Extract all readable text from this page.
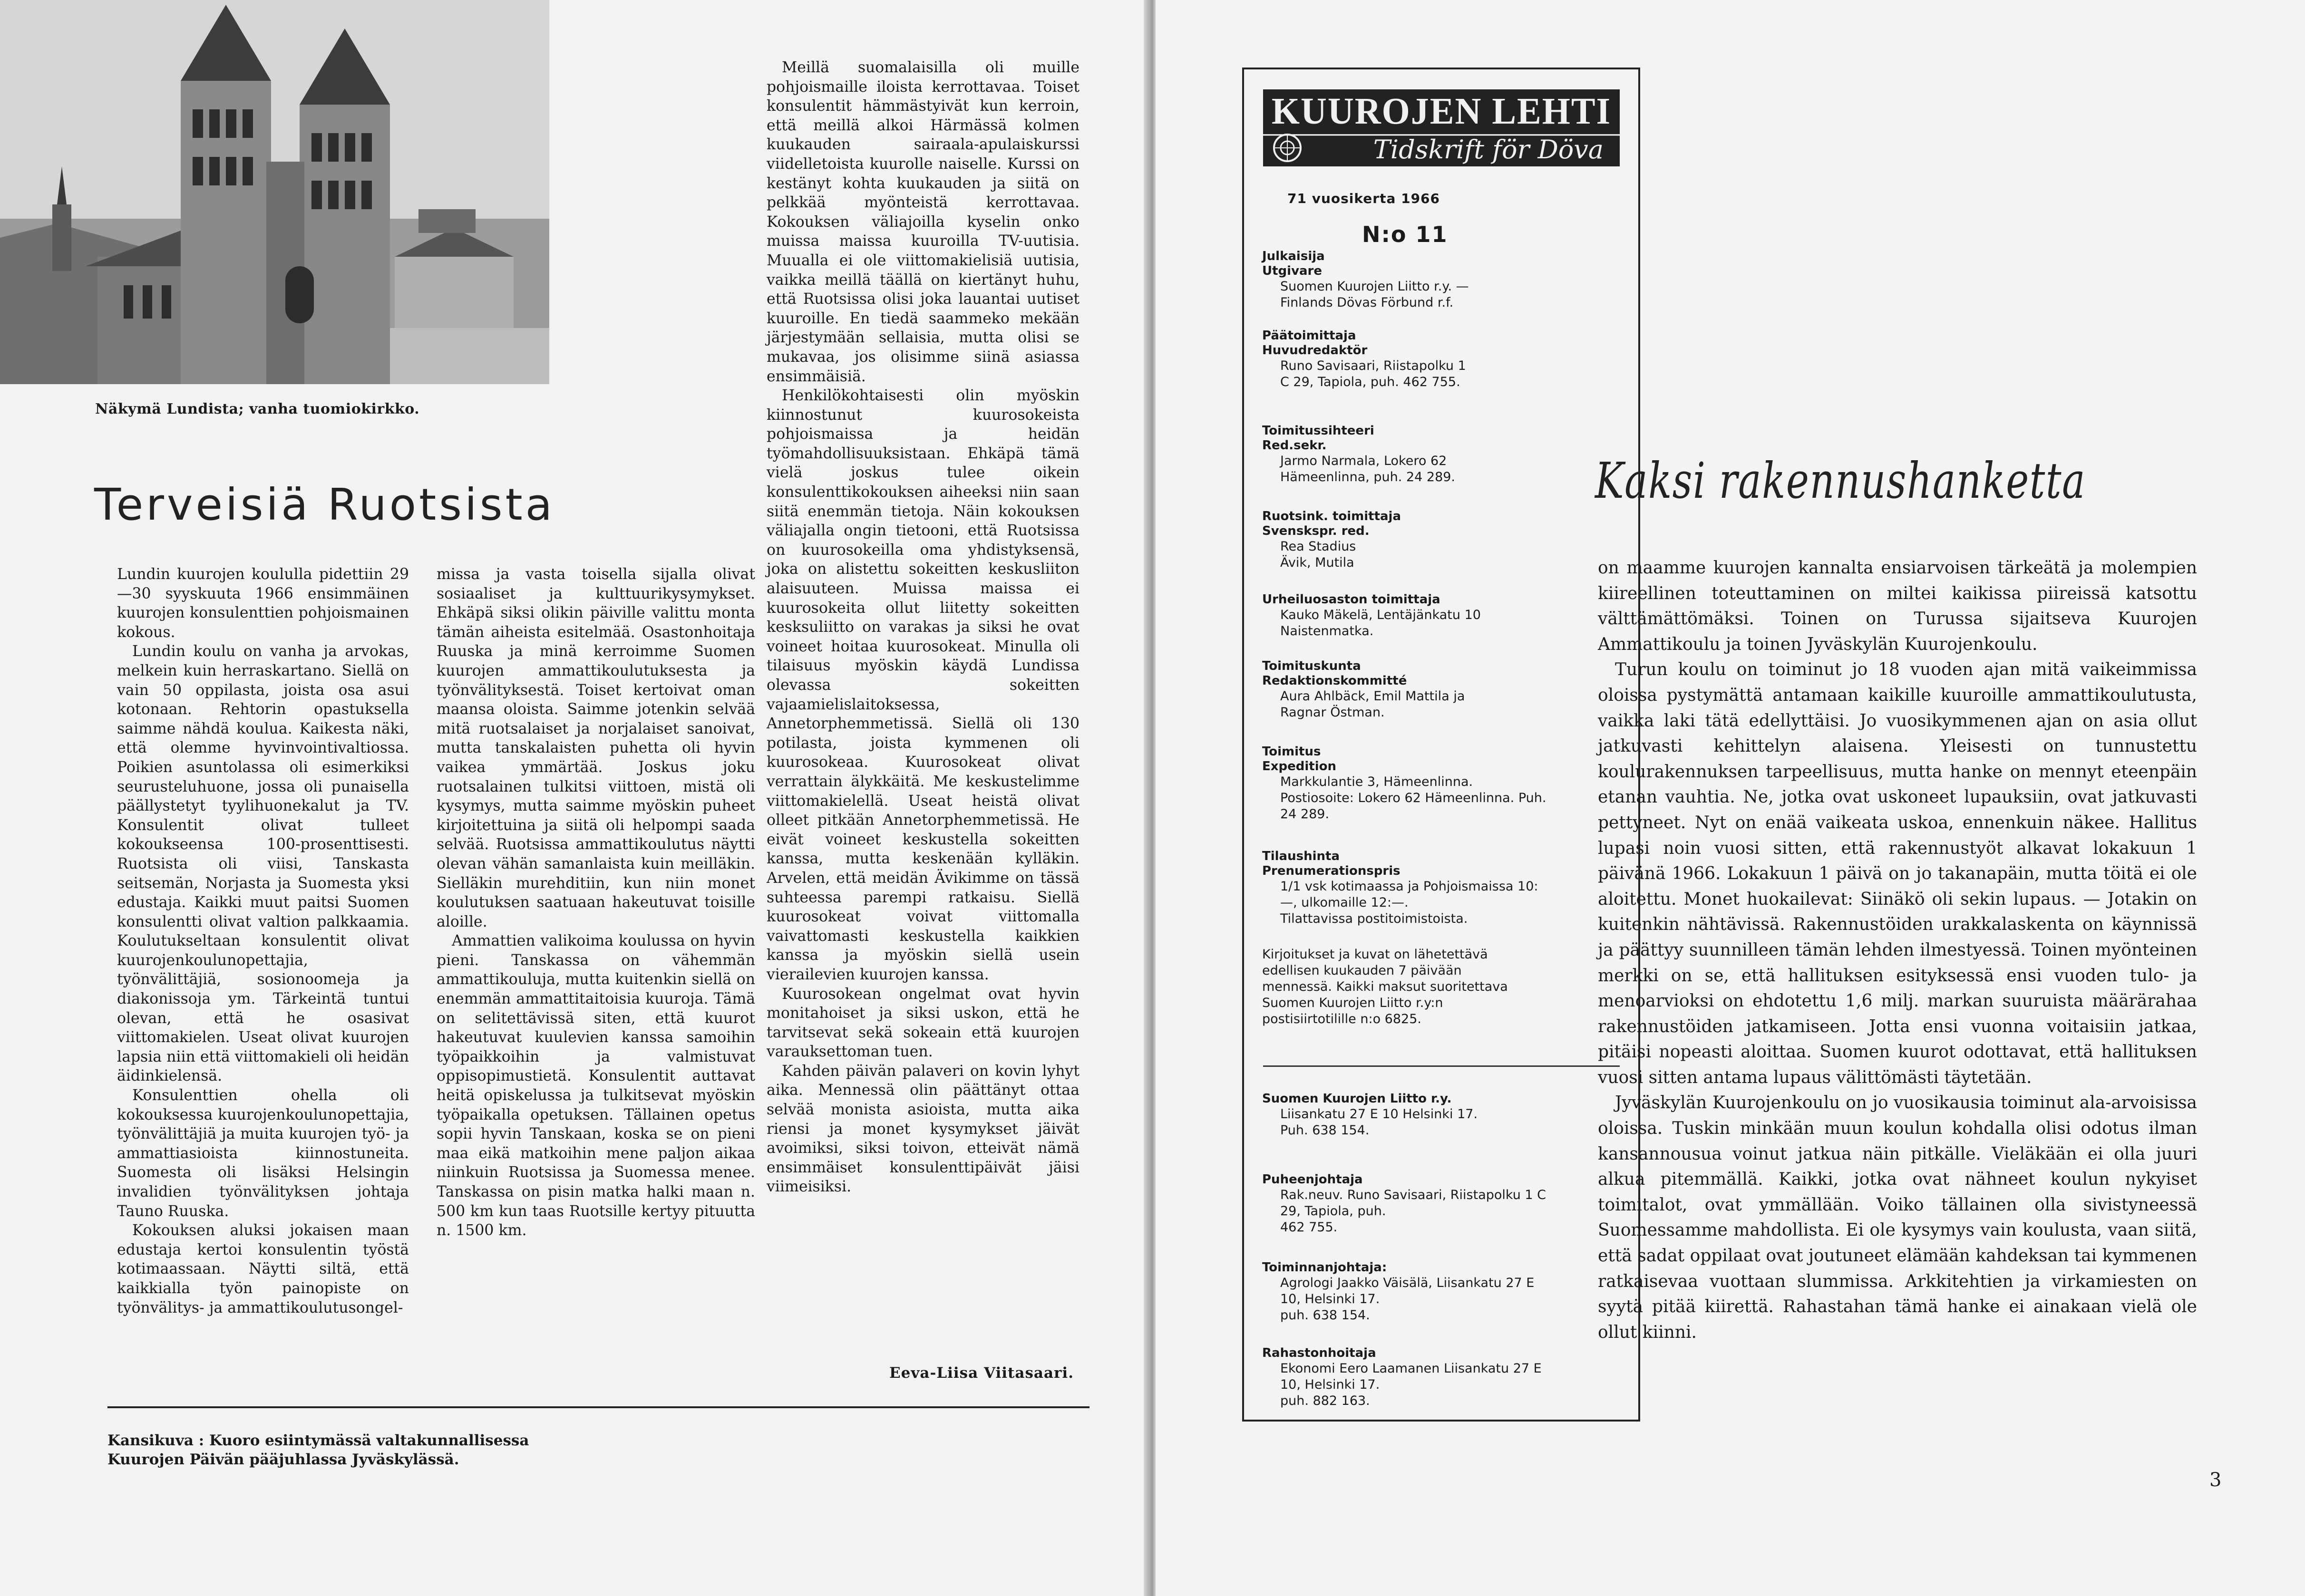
Näkymä Lundista; vanha tuomiokirkko.
Terveisiä Ruotsista

Lundin kuurojen koululla pidettiin 29—30 syyskuuta 1966 ensimmäinen kuurojen konsulenttien pohjoismainen kokous.

Lundin koulu on vanha ja arvokas, melkein kuin herraskartano. Siellä on vain 50 oppilasta, joista osa asui kotonaan. Rehtorin opastuksella saimme nähdä koulua. Kaikesta näki, että olemme hyvinvointivaltiossa. Poikien asuntolassa oli esimerkiksi seurusteluhuone, jossa oli punaisella päällystetyt tyylihuonekalut ja TV. Konsulentit olivat tulleet kokoukseensa 100-prosenttisesti. Ruotsista oli viisi, Tanskasta seitsemän, Norjasta ja Suomesta yksi edustaja. Kaikki muut paitsi Suomen konsulentti olivat valtion palkkaamia. Koulutukseltaan konsulentit olivat kuurojenkoulunopettajia, työnvälittäjiä, sosionoomeja ja diakonissoja ym. Tärkeintä tuntui olevan, että he osasivat viittomakielen. Useat olivat kuurojen lapsia niin että viittomakieli oli heidän äidinkielensä.

Konsulenttien ohella oli kokouksessa kuurojenkoulunopettajia, työnvälittäjiä ja muita kuurojen työ- ja ammattiasioista kiinnostuneita. Suomesta oli lisäksi Helsingin invalidien työnvälityksen johtaja Tauno Ruuska.

Kokouksen aluksi jokaisen maan edustaja kertoi konsulentin työstä kotimaassaan. Näytti siltä, että kaikkialla työn painopiste on työnvälitys- ja ammattikoulutusongel-

missa ja vasta toisella sijalla olivat sosiaaliset ja kulttuurikysymykset. Ehkäpä siksi olikin päiville valittu monta tämän aiheista esitelmää. Osastonhoitaja Ruuska ja minä kerroimme Suomen kuurojen ammattikoulutuksesta ja työnvälityksestä. Toiset kertoivat oman maansa oloista. Saimme jotenkin selvää mitä ruotsalaiset ja norjalaiset sanoivat, mutta tanskalaisten puhetta oli hyvin vaikea ymmärtää. Joskus joku ruotsalainen tulkitsi viittoen, mistä oli kysymys, mutta saimme myöskin puheet kirjoitettuina ja siitä oli helpompi saada selvää. Ruotsissa ammattikoulutus näytti olevan vähän samanlaista kuin meilläkin. Sielläkin murehditiin, kun niin monet koulutuksen saatuaan hakeutuvat toisille aloille.

Ammattien valikoima koulussa on hyvin pieni. Tanskassa on vähemmän ammattikouluja, mutta kuitenkin siellä on enemmän ammattitaitoisia kuuroja. Tämä on selitettävissä siten, että kuurot hakeutuvat kuulevien kanssa samoihin työpaikkoihin ja valmistuvat oppisopimustietä. Konsulentit auttavat heitä opiskelussa ja tulkitsevat myöskin työpaikalla opetuksen. Tällainen opetus sopii hyvin Tanskaan, koska se on pieni maa eikä matkoihin mene paljon aikaa niinkuin Ruotsissa ja Suomessa menee. Tanskassa on pisin matka halki maan n. 500 km kun taas Ruotsille kertyy pituutta n. 1500 km.

Meillä suomalaisilla oli muille pohjoismaille iloista kerrottavaa. Toiset konsulentit hämmästyivät kun kerroin, että meillä alkoi Härmässä kolmen kuukauden sairaala-apulaiskurssi viidelletoista kuurolle naiselle. Kurssi on kestänyt kohta kuukauden ja siitä on pelkkää myönteistä kerrottavaa. Kokouksen väliajoilla kyselin onko muissa maissa kuuroilla TV-uutisia. Muualla ei ole viittomakielisiä uutisia, vaikka meillä täällä on kiertänyt huhu, että Ruotsissa olisi joka lauantai uutiset kuuroille. En tiedä saammeko mekään järjestymään sellaisia, mutta olisi se mukavaa, jos olisimme siinä asiassa ensimmäisiä.

Henkilökohtaisesti olin myöskin kiinnostunut kuurosokeista pohjoismaissa ja heidän työmahdollisuuksistaan. Ehkäpä tämä vielä joskus tulee oikein konsulenttikokouksen aiheeksi niin saan siitä enemmän tietoja. Näin kokouksen väliajalla ongin tietooni, että Ruotsissa on kuurosokeilla oma yhdistyksensä, joka on alistettu sokeitten keskusliiton alaisuuteen. Muissa maissa ei kuurosokeita ollut liitetty sokeitten kesksuliitto on varakas ja siksi he ovat voineet hoitaa kuurosokeat. Minulla oli tilaisuus myöskin käydä Lundissa olevassa sokeitten vajaamielislaitoksessa, Annetorphemmetissä. Siellä oli 130 potilasta, joista kymmenen oli kuurosokeaa. Kuurosokeat olivat verrattain älykkäitä. Me keskustelimme viittomakielellä. Useat heistä olivat olleet pitkään Annetorphemmetissä. He eivät voineet keskustella sokeitten kanssa, mutta keskenään kylläkin. Arvelen, että meidän Ävikimme on tässä suhteessa parempi ratkaisu. Siellä kuurosokeat voivat viittomalla vaivattomasti keskustella kaikkien kanssa ja myöskin siellä usein vierailevien kuurojen kanssa.

Kuurosokean ongelmat ovat hyvin monitahoiset ja siksi uskon, että he tarvitsevat sekä sokeain että kuurojen varauksettoman tuen.

Kahden päivän palaveri on kovin lyhyt aika. Mennessä olin päättänyt ottaa selvää monista asioista, mutta aika riensi ja monet kysymykset jäivät avoimiksi, siksi toivon, etteivät nämä ensimmäiset konsulenttipäivät jäisi viimeisiksi.

Eeva-Liisa Viitasaari.
Kansikuva : Kuoro esiintymässä valtakunnallisessa
Kuurojen Päivän pääjuhlassa Jyväskylässä.
KUUROJEN LEHTI
Tidskrift för Döva
71 vuosikerta 1966
N:o 11
Julkaisija
Utgivare
Suomen Kuurojen Liitto r.y. —
Finlands Dövas Förbund r.f.
Päätoimittaja
Huvudredaktör
Runo Savisaari, Riistapolku 1
C 29, Tapiola, puh. 462 755.
Toimitussihteeri
Red.sekr.
Jarmo Narmala, Lokero 62
Hämeenlinna, puh. 24 289.
Ruotsink. toimittaja
Svenskspr. red.
Rea Stadius
Ävik, Mutila
Urheiluosaston toimittaja
Kauko Mäkelä, Lentäjänkatu 10
Naistenmatka.
Toimituskunta
Redaktionskommitté
Aura Ahlbäck, Emil Mattila ja
Ragnar Östman.
Toimitus
Expedition
Markkulantie 3, Hämeenlinna.
Postiosoite: Lokero 62 Hämeenlinna. Puh. 24 289.
Tilaushinta
Prenumerationspris
1/1 vsk kotimaassa ja Pohjoismaissa 10:—, ulkomaille 12:—.
Tilattavissa postitoimistoista.
Kirjoitukset ja kuvat on lähetettävä edellisen kuukauden 7 päivään mennessä. Kaikki maksut suoritettava Suomen Kuurojen Liitto r.y:n postisiirtotilille n:o 6825.
Suomen Kuurojen Liitto r.y.
Liisankatu 27 E 10 Helsinki 17.
Puh. 638 154.
Puheenjohtaja
Rak.neuv. Runo Savisaari, Riistapolku 1 C 29, Tapiola, puh.
462 755.
Toiminnanjohtaja:
Agrologi Jaakko Väisälä, Liisankatu 27 E 10, Helsinki 17.
puh. 638 154.
Rahastonhoitaja
Ekonomi Eero Laamanen Liisankatu 27 E 10, Helsinki 17.
puh. 882 163.
Kaksi rakennushanketta

on maamme kuurojen kannalta ensiarvoisen tärkeätä ja molempien kiireellinen toteuttaminen on miltei kaikissa piireissä katsottu välttämättömäksi. Toinen on Turussa sijaitseva Kuurojen Ammattikoulu ja toinen Jyväskylän Kuurojenkoulu.

Turun koulu on toiminut jo 18 vuoden ajan mitä vaikeimmissa oloissa pystymättä antamaan kaikille kuuroille ammattikoulutusta, vaikka laki tätä edellyttäisi. Jo vuosikymmenen ajan on asia ollut jatkuvasti kehittelyn alaisena. Yleisesti on tunnustettu koulurakennuksen tarpeellisuus, mutta hanke on mennyt eteenpäin etanan vauhtia. Ne, jotka ovat uskoneet lupauksiin, ovat jatkuvasti pettyneet. Nyt on enää vaikeata uskoa, ennenkuin näkee. Hallitus lupasi noin vuosi sitten, että rakennustyöt alkavat lokakuun 1 päivänä 1966. Lokakuun 1 päivä on jo takanapäin, mutta töitä ei ole aloitettu. Monet huokailevat: Siinäkö oli sekin lupaus. — Jotakin on kuitenkin nähtävissä. Rakennustöiden urakkalaskenta on käynnissä ja päättyy suunnilleen tämän lehden ilmestyessä. Toinen myönteinen merkki on se, että hallituksen esityksessä ensi vuoden tulo- ja menoarvioksi on ehdotettu 1,6 milj. markan suuruista määrärahaa rakennustöiden jatkamiseen. Jotta ensi vuonna voitaisiin jatkaa, pitäisi nopeasti aloittaa. Suomen kuurot odottavat, että hallituksen vuosi sitten antama lupaus välittömästi täytetään.

Jyväskylän Kuurojenkoulu on jo vuosikausia toiminut ala-arvoisissa oloissa. Tuskin minkään muun koulun kohdalla olisi odotus ilman kansannousua voinut jatkua näin pitkälle. Vieläkään ei olla juuri alkua pitemmällä. Kaikki, jotka ovat nähneet koulun nykyiset toimitalot, ovat ymmällään. Voiko tällainen olla sivistyneessä Suomessamme mahdollista. Ei ole kysymys vain koulusta, vaan siitä, että sadat oppilaat ovat joutuneet elämään kahdeksan tai kymmenen ratkaisevaa vuottaan slummissa. Arkkitehtien ja virkamiesten on syytä pitää kiirettä. Rahastahan tämä hanke ei ainakaan vielä ole ollut kiinni.

3
